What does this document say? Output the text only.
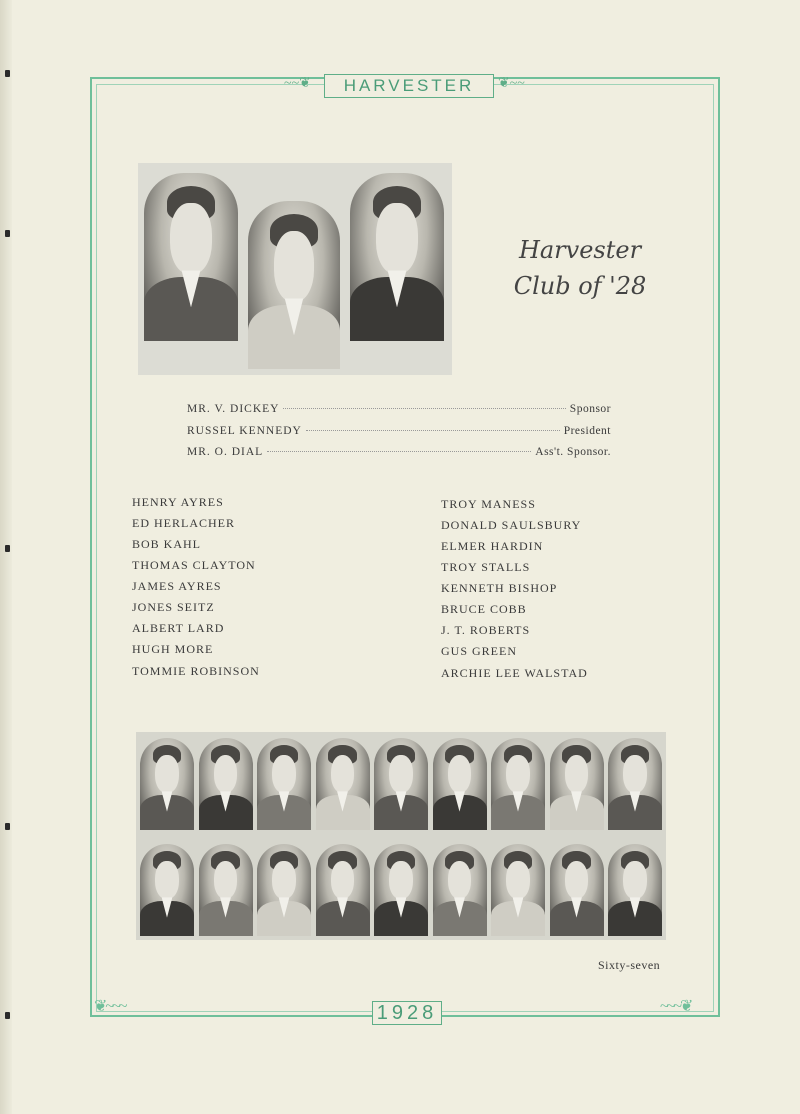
~~❦	HARVESTER	❦~~
Harvester
Club of '28
MR. V. DICKEY	Sponsor
RUSSEL KENNEDY	President
MR. O. DIAL	Ass't. Sponsor.
HENRY AYRES
ED HERLACHER
BOB KAHL
THOMAS CLAYTON
JAMES AYRES
JONES SEITZ
ALBERT LARD
HUGH MORE
TOMMIE ROBINSON
TROY MANESS
DONALD SAULSBURY
ELMER HARDIN
TROY STALLS
KENNETH BISHOP
BRUCE COBB
J. T. ROBERTS
GUS GREEN
ARCHIE LEE WALSTAD
Sixty-seven
❦~~~	~~~❦
1928
